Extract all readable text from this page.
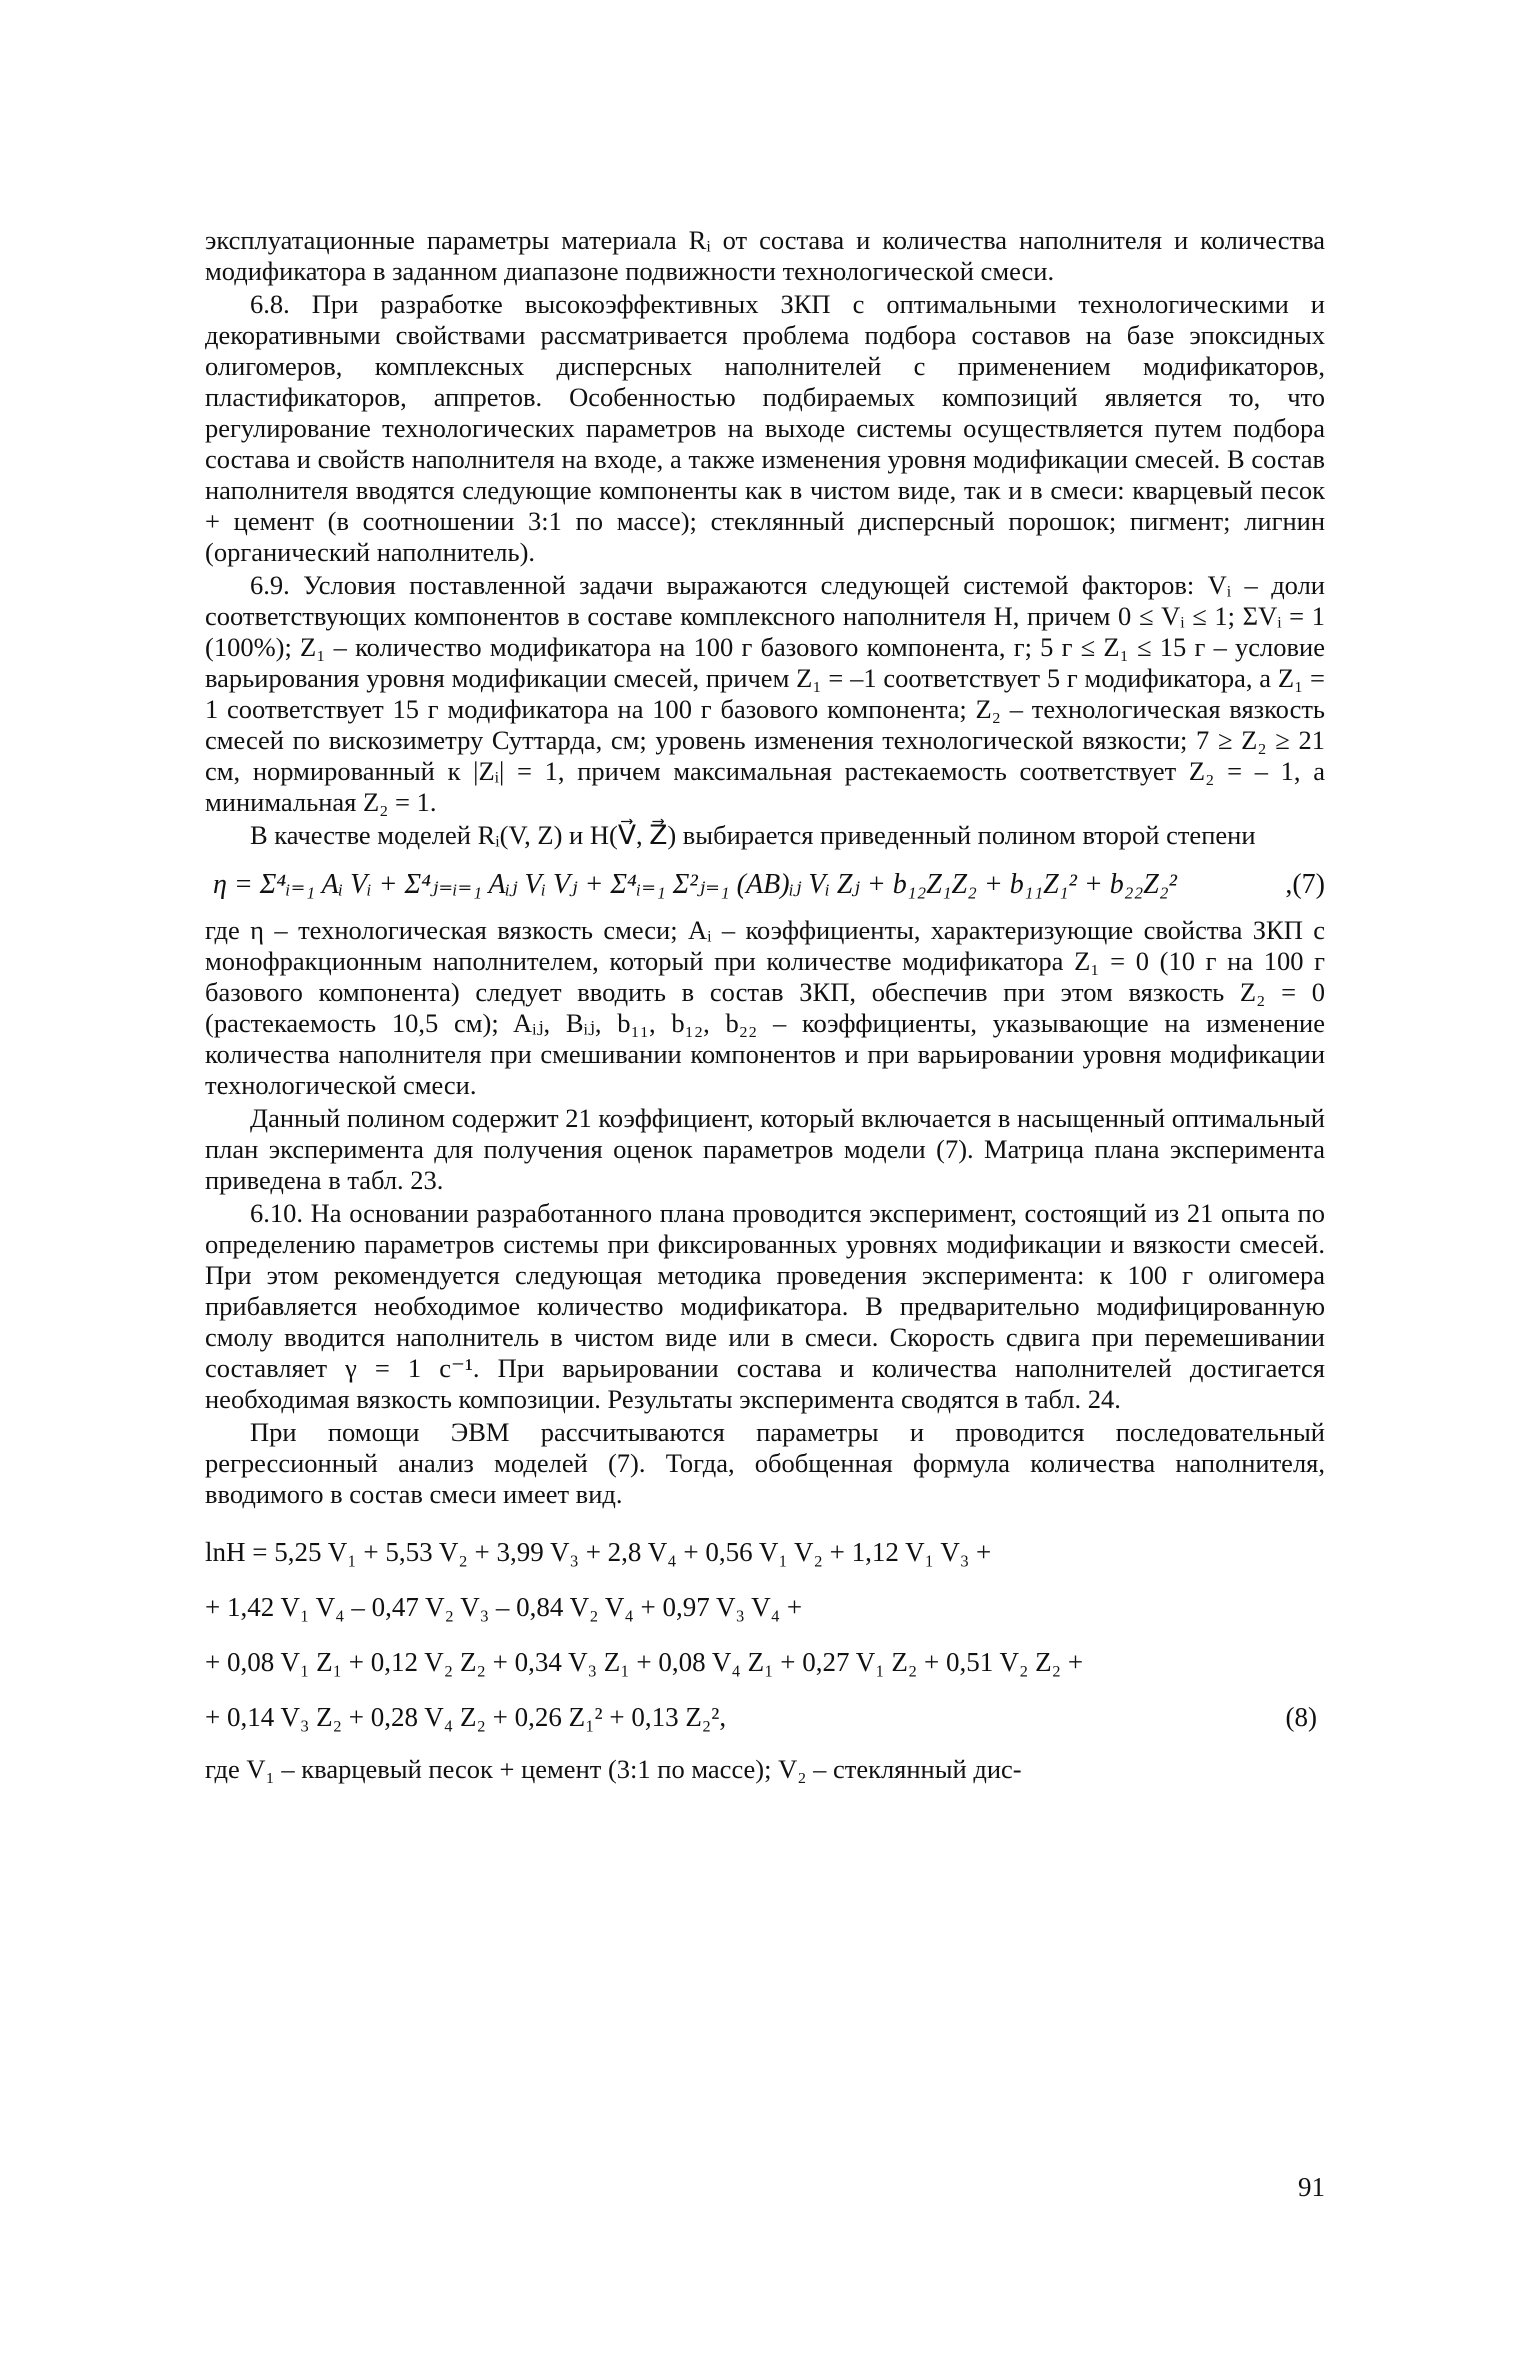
эксплуатационные параметры материала Rᵢ от состава и количества наполнителя и количества модификатора в заданном диапазоне подвижности технологической смеси.

6.8. При разработке высокоэффективных ЗКП с оптимальными технологическими и декоративными свойствами рассматривается проблема подбора составов на базе эпоксидных олигомеров, комплексных дисперсных наполнителей с применением модификаторов, пластификаторов, аппретов. Особенностью подбираемых композиций является то, что регулирование технологических параметров на выходе системы осуществляется путем подбора состава и свойств наполнителя на входе, а также изменения уровня модификации смесей. В состав наполнителя вводятся следующие компоненты как в чистом виде, так и в смеси: кварцевый песок + цемент (в соотношении 3:1 по массе); стеклянный дисперсный порошок; пигмент; лигнин (органический наполнитель).

6.9. Условия поставленной задачи выражаются следующей системой факторов: Vᵢ – доли соответствующих компонентов в составе комплексного наполнителя Н, причем 0 ≤ Vᵢ ≤ 1; ΣVᵢ = 1 (100%); Z₁ – количество модификатора на 100 г базового компонента, г; 5 г ≤ Z₁ ≤ 15 г – условие варьирования уровня модификации смесей, причем Z₁ = –1 соответствует 5 г модификатора, а Z₁ = 1 соответствует 15 г модификатора на 100 г базового компонента; Z₂ – технологическая вязкость смесей по вискозиметру Суттарда, см; уровень изменения технологической вязкости; 7 ≥ Z₂ ≥ 21 см, нормированный к |Zᵢ| = 1, причем максимальная растекаемость соответствует Z₂ = – 1, а минимальная Z₂ = 1.

В качестве моделей Rᵢ(V, Z) и H(V⃗, Z⃗) выбирается приведенный полином второй степени

η = Σ⁴ᵢ₌₁ Aᵢ Vᵢ + Σ⁴ⱼ₌ᵢ₌₁ Aᵢⱼ Vᵢ Vⱼ + Σ⁴ᵢ₌₁ Σ²ⱼ₌₁ (AB)ᵢⱼ Vᵢ Zⱼ + b₁₂Z₁Z₂ + b₁₁Z₁² + b₂₂Z₂²	,(7)

где η – технологическая вязкость смеси; Aᵢ – коэффициенты, характеризующие свойства ЗКП с монофракционным наполнителем, который при количестве модификатора Z₁ = 0 (10 г на 100 г базового компонента) следует вводить в состав ЗКП, обеспечив при этом вязкость Z₂ = 0 (растекаемость 10,5 см); Aᵢⱼ, Bᵢⱼ, b₁₁, b₁₂, b₂₂ – коэффициенты, указывающие на изменение количества наполнителя при смешивании компонентов и при варьировании уровня модификации технологической смеси.

Данный полином содержит 21 коэффициент, который включается в насыщенный оптимальный план эксперимента для получения оценок параметров модели (7). Матрица плана эксперимента приведена в табл. 23.

6.10. На основании разработанного плана проводится эксперимент, состоящий из 21 опыта по определению параметров системы при фиксированных уровнях модификации и вязкости смесей. При этом рекомендуется следующая методика проведения эксперимента: к 100 г олигомера прибавляется необходимое количество модификатора. В предварительно модифицированную смолу вводится наполнитель в чистом виде или в смеси. Скорость сдвига при перемешивании составляет γ = 1 с⁻¹. При варьировании состава и количества наполнителей достигается необходимая вязкость композиции. Результаты эксперимента сводятся в табл. 24.

При помощи ЭВМ рассчитываются параметры и проводится последовательный регрессионный анализ моделей (7). Тогда, обобщенная формула количества наполнителя, вводимого в состав смеси имеет вид.

lnH = 5,25 V₁ + 5,53 V₂ + 3,99 V₃ + 2,8 V₄ + 0,56 V₁ V₂ + 1,12 V₁ V₃ +
+ 1,42 V₁ V₄ – 0,47 V₂ V₃ – 0,84 V₂ V₄ + 0,97 V₃ V₄ +
+ 0,08 V₁ Z₁ + 0,12 V₂ Z₂ + 0,34 V₃ Z₁ + 0,08 V₄ Z₁ + 0,27 V₁ Z₂ + 0,51 V₂ Z₂ +
+ 0,14 V₃ Z₂ + 0,28 V₄ Z₂ + 0,26 Z₁² + 0,13 Z₂²,	(8)

где V₁ – кварцевый песок + цемент (3:1 по массе); V₂ – стеклянный дис-

91
